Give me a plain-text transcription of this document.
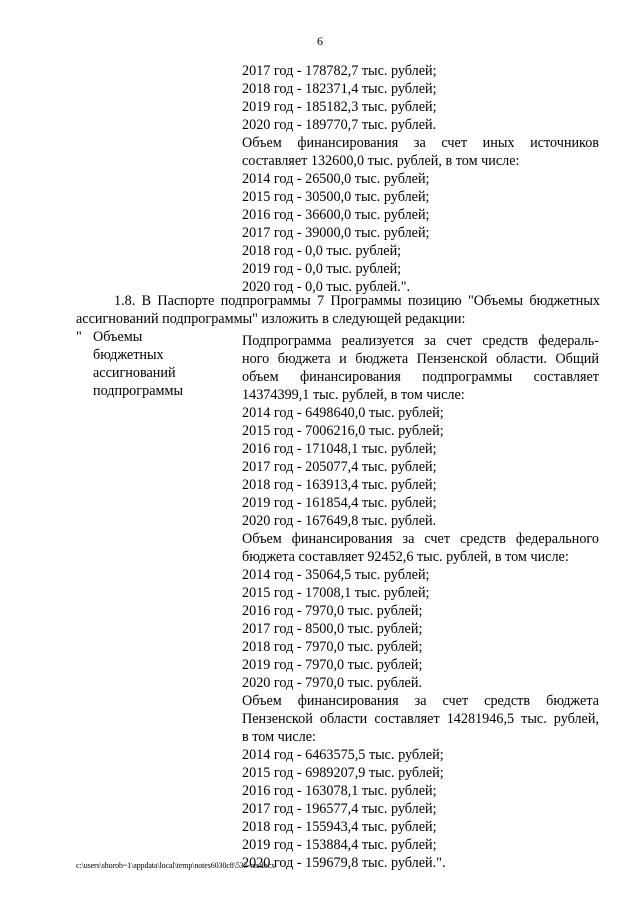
6
2017 год - 178782,7 тыс. рублей;
2018 год - 182371,4 тыс. рублей;
2019 год - 185182,3 тыс. рублей;
2020 год - 189770,7 тыс. рублей.
Объем финансирования за счет иных источников
составляет 132600,0 тыс. рублей, в том числе:
2014 год - 26500,0 тыс. рублей;
2015 год - 30500,0 тыс. рублей;
2016 год - 36600,0 тыс. рублей;
2017 год - 39000,0 тыс. рублей;
2018 год - 0,0 тыс. рублей;
2019 год - 0,0 тыс. рублей;
2020 год - 0,0 тыс. рублей.".
1.8. В Паспорте подпрограммы 7 Программы позицию "Объемы бюджетных
ассигнований подпрограммы" изложить в следующей редакции:
" Объемы
бюджетных
ассигнований
подпрограммы
Подпрограмма реализуется за счет средств федераль-
ного бюджета и бюджета Пензенской области. Общий
объем финансирования подпрограммы составляет
14374399,1 тыс. рублей, в том числе:
2014 год - 6498640,0 тыс. рублей;
2015 год - 7006216,0 тыс. рублей;
2016 год - 171048,1 тыс. рублей;
2017 год - 205077,4 тыс. рублей;
2018 год - 163913,4 тыс. рублей;
2019 год - 161854,4 тыс. рублей;
2020 год - 167649,8 тыс. рублей.
Объем финансирования за счет средств федерального
бюджета составляет 92452,6 тыс. рублей, в том числе:
2014 год - 35064,5 тыс. рублей;
2015 год - 17008,1 тыс. рублей;
2016 год - 7970,0 тыс. рублей;
2017 год - 8500,0 тыс. рублей;
2018 год - 7970,0 тыс. рублей;
2019 год - 7970,0 тыс. рублей;
2020 год - 7970,0 тыс. рублей.
Объем финансирования за счет средств бюджета
Пензенской области составляет 14281946,5 тыс. рублей,
в том числе:
2014 год - 6463575,5 тыс. рублей;
2015 год - 6989207,9 тыс. рублей;
2016 год - 163078,1 тыс. рублей;
2017 год - 196577,4 тыс. рублей;
2018 год - 155943,4 тыс. рублей;
2019 год - 153884,4 тыс. рублей;
2020 год - 159679,8 тыс. рублей.".
c:\users\shorob~1\appdata\local\temp\notes6030c8\535-nn.docx
